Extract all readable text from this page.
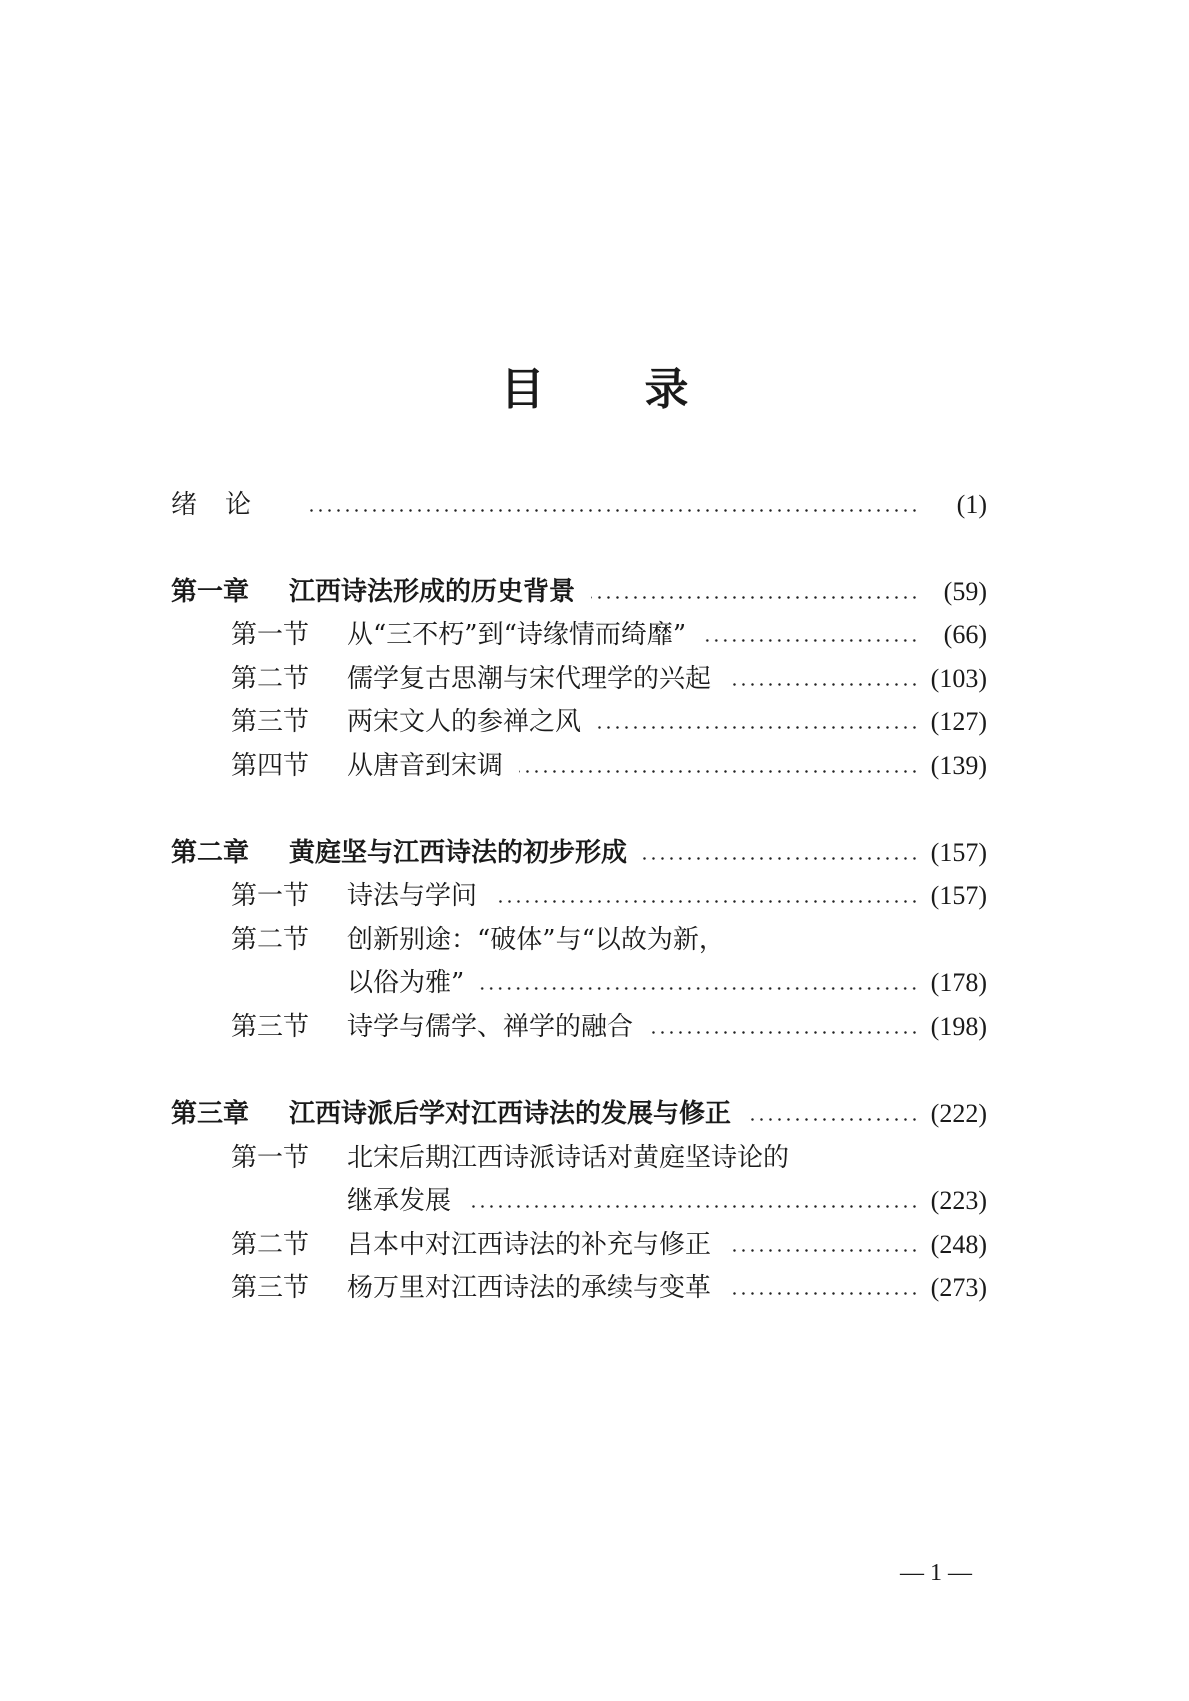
目 录
绪论	(1)
第一章	江西诗法形成的历史背景	(59)
第一节	从“三不朽”到“诗缘情而绮靡”	(66)
第二节	儒学复古思潮与宋代理学的兴起	(103)
第三节	两宋文人的参禅之风	(127)
第四节	从唐音到宋调	(139)
第二章	黄庭坚与江西诗法的初步形成	(157)
第一节	诗法与学问	(157)
第二节	创新别途：“破体”与“以故为新，
以俗为雅”	(178)
第三节	诗学与儒学、禅学的融合	(198)
第三章	江西诗派后学对江西诗法的发展与修正	(222)
第一节	北宋后期江西诗派诗话对黄庭坚诗论的
继承发展	(223)
第二节	吕本中对江西诗法的补充与修正	(248)
第三节	杨万里对江西诗法的承续与变革	(273)
— 1 —
